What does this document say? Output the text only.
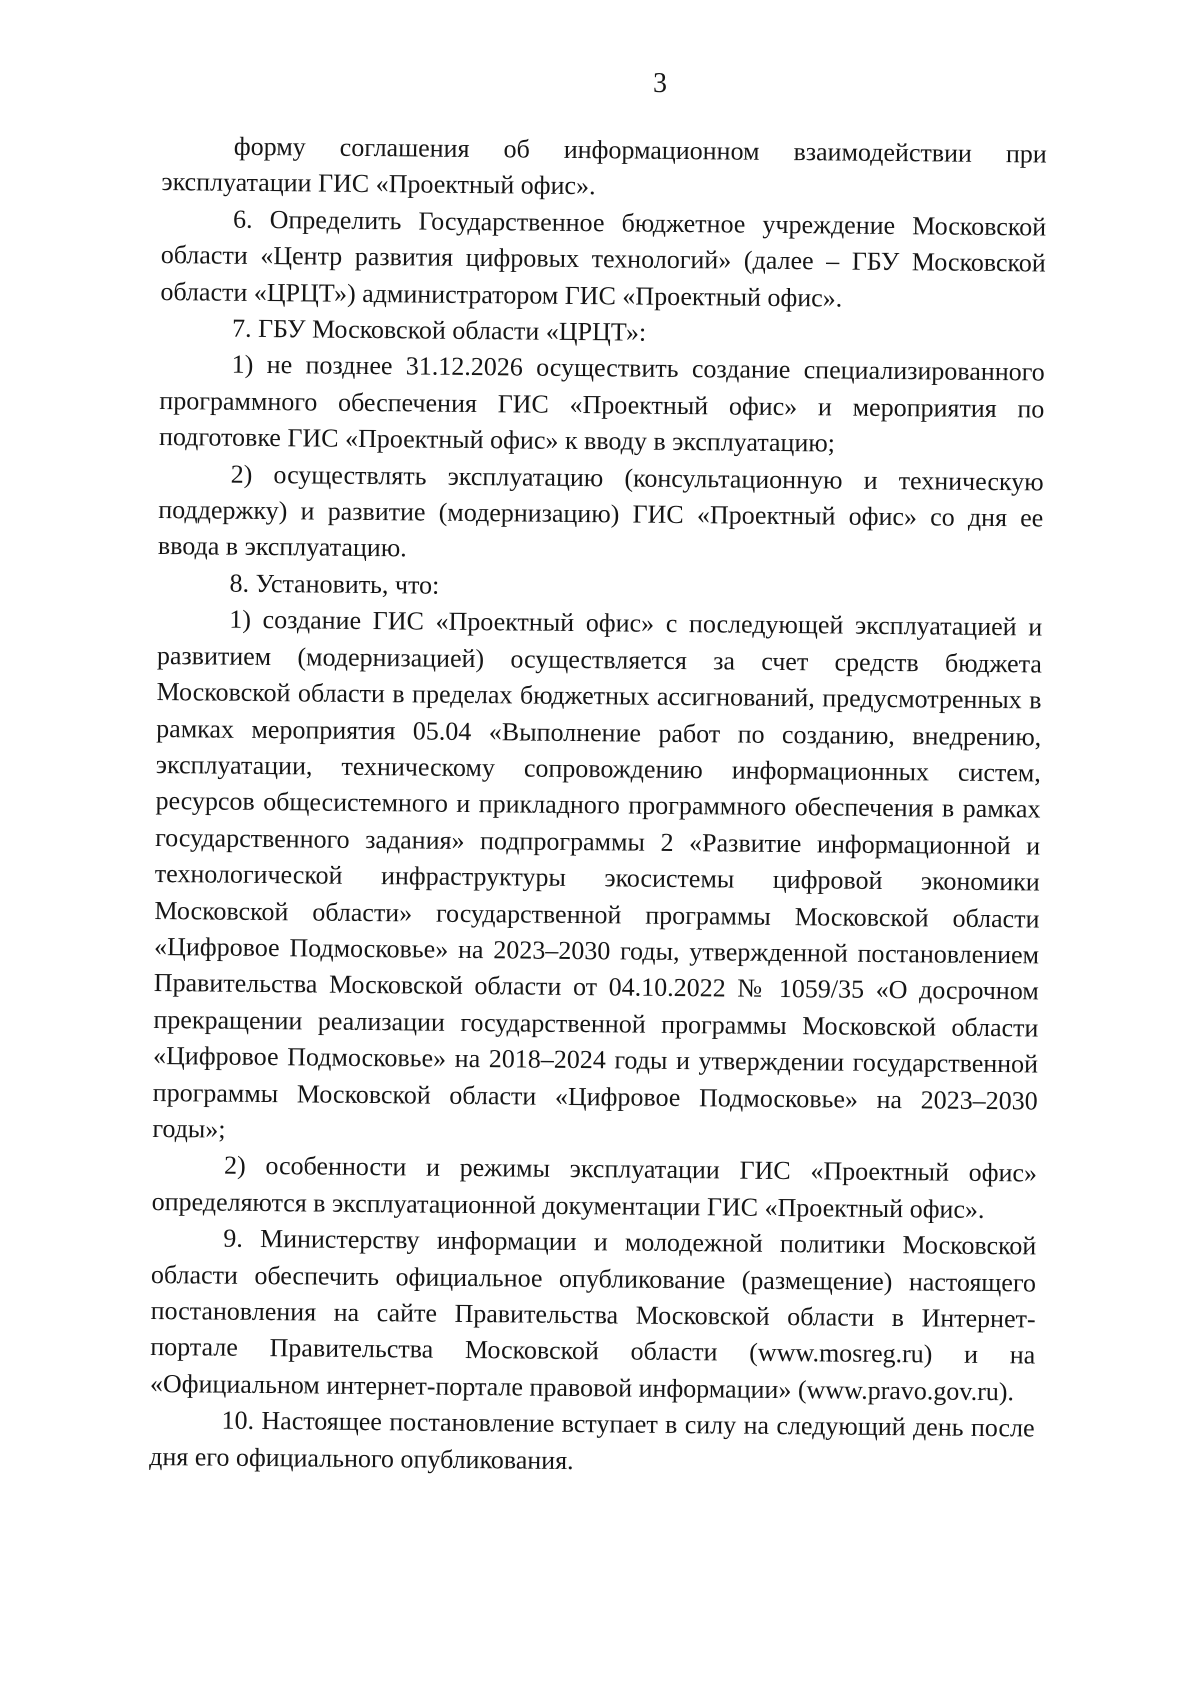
3

форму соглашения об информационном взаимодействии при эксплуатации ГИС «Проектный офис».

6. Определить Государственное бюджетное учреждение Московской области «Центр развития цифровых технологий» (далее – ГБУ Московской области «ЦРЦТ») администратором ГИС «Проектный офис».

7. ГБУ Московской области «ЦРЦТ»:

1) не позднее 31.12.2026 осуществить создание специализированного программного обеспечения ГИС «Проектный офис» и мероприятия по подготовке ГИС «Проектный офис» к вводу в эксплуатацию;

2) осуществлять эксплуатацию (консультационную и техническую поддержку) и развитие (модернизацию) ГИС «Проектный офис» со дня ее ввода в эксплуатацию.

8. Установить, что:

1) создание ГИС «Проектный офис» с последующей эксплуатацией и развитием (модернизацией) осуществляется за счет средств бюджета Московской области в пределах бюджетных ассигнований, предусмотренных в рамках мероприятия 05.04 «Выполнение работ по созданию, внедрению, эксплуатации, техническому сопровождению информационных систем, ресурсов общесистемного и прикладного программного обеспечения в рамках государственного задания» подпрограммы 2 «Развитие информационной и технологической инфраструктуры экосистемы цифровой экономики Московской области» государственной программы Московской области «Цифровое Подмосковье» на 2023–2030 годы, утвержденной постановлением Правительства Московской области от 04.10.2022 № 1059/35 «О досрочном прекращении реализации государственной программы Московской области «Цифровое Подмосковье» на 2018–2024 годы и утверждении государственной программы Московской области «Цифровое Подмосковье» на 2023–2030 годы»;

2) особенности и режимы эксплуатации ГИС «Проектный офис» определяются в эксплуатационной документации ГИС «Проектный офис».

9. Министерству информации и молодежной политики Московской области обеспечить официальное опубликование (размещение) настоящего постановления на сайте Правительства Московской области в Интернет-портале Правительства Московской области (www.mosreg.ru) и на «Официальном интернет-портале правовой информации» (www.pravo.gov.ru).

10. Настоящее постановление вступает в силу на следующий день после дня его официального опубликования.
